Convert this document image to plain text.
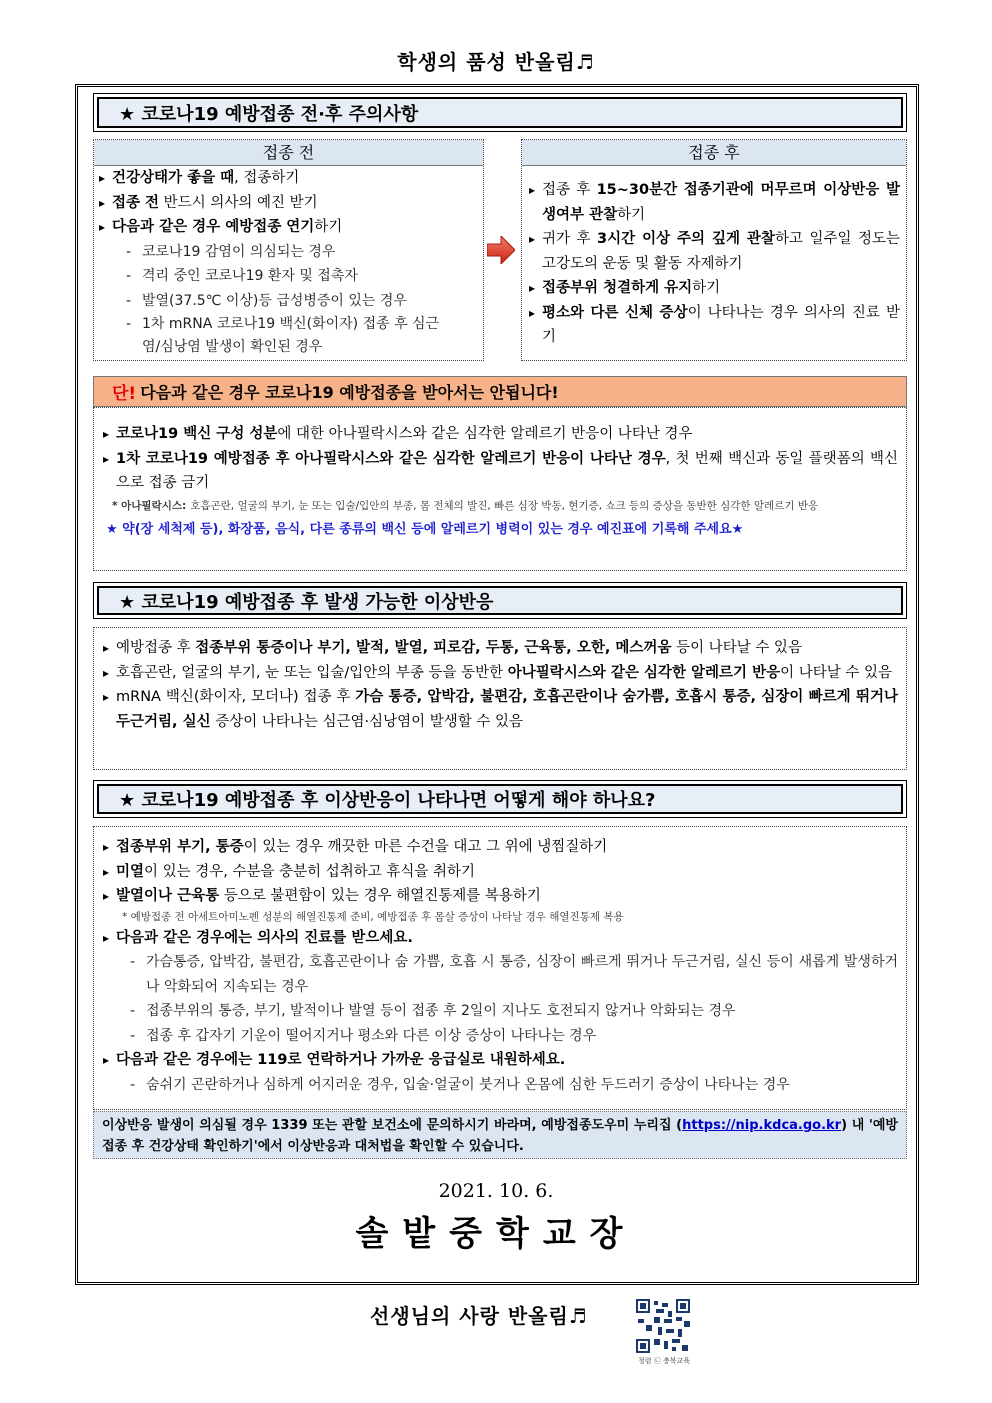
학생의 품성 반올림♬
★ 코로나19 예방접종 전·후 주의사항
접종 전
▸ 건강상태가 좋을 때, 접종하기
▸ 접종 전 반드시 의사의 예진 받기
▸ 다음과 같은 경우 예방접종 연기하기
- 코로나19 감염이 의심되는 경우
- 격리 중인 코로나19 환자 및 접촉자
- 발열(37.5℃ 이상)등 급성병증이 있는 경우
- 1차 mRNA 코로나19 백신(화이자) 접종 후 심근염/심낭염 발생이 확인된 경우
접종 후
▸ 접종 후 15~30분간 접종기관에 머무르며 이상반응 발생여부 관찰하기
▸ 귀가 후 3시간 이상 주의 깊게 관찰하고 일주일 정도는 고강도의 운동 및 활동 자제하기
▸ 접종부위 청결하게 유지하기
▸ 평소와 다른 신체 증상이 나타나는 경우 의사의 진료 받기
단! 다음과 같은 경우 코로나19 예방접종을 받아서는 안됩니다!
▸ 코로나19 백신 구성 성분에 대한 아나필락시스와 같은 심각한 알레르기 반응이 나타난 경우
▸ 1차 코로나19 예방접종 후 아나필락시스와 같은 심각한 알레르기 반응이 나타난 경우, 첫 번째 백신과 동일 플랫폼의 백신으로 접종 금기
* 아나필락시스: 호흡곤란, 얼굴의 부기, 눈 또는 입술/입안의 부종, 몸 전체의 발진, 빠른 심장 박동, 현기증, 쇼크 등의 증상을 동반한 심각한 알레르기 반응
★ 약(장 세척제 등), 화장품, 음식, 다른 종류의 백신 등에 알레르기 병력이 있는 경우 예진표에 기록해 주세요★
★ 코로나19 예방접종 후 발생 가능한 이상반응
▸ 예방접종 후 접종부위 통증이나 부기, 발적, 발열, 피로감, 두통, 근육통, 오한, 메스꺼움 등이 나타날 수 있음
▸ 호흡곤란, 얼굴의 부기, 눈 또는 입술/입안의 부종 등을 동반한 아나필락시스와 같은 심각한 알레르기 반응이 나타날 수 있음
▸ mRNA 백신(화이자, 모더나) 접종 후 가슴 통증, 압박감, 불편감, 호흡곤란이나 숨가쁨, 호흡시 통증, 심장이 빠르게 뛰거나 두근거림, 실신 증상이 나타나는 심근염·심낭염이 발생할 수 있음
★ 코로나19 예방접종 후 이상반응이 나타나면 어떻게 해야 하나요?
▸ 접종부위 부기, 통증이 있는 경우 깨끗한 마른 수건을 대고 그 위에 냉찜질하기
▸ 미열이 있는 경우, 수분을 충분히 섭취하고 휴식을 취하기
▸ 발열이나 근육통 등으로 불편함이 있는 경우 해열진통제를 복용하기
* 예방접종 전 아세트아미노펜 성분의 해열진통제 준비, 예방접종 후 몸살 증상이 나타날 경우 해열진통제 복용
▸ 다음과 같은 경우에는 의사의 진료를 받으세요.
- 가슴통증, 압박감, 불편감, 호흡곤란이나 숨 가쁨, 호흡 시 통증, 심장이 빠르게 뛰거나 두근거림, 실신 등이 새롭게 발생하거나 악화되어 지속되는 경우
- 접종부위의 통증, 부기, 발적이나 발열 등이 접종 후 2일이 지나도 호전되지 않거나 악화되는 경우
- 접종 후 갑자기 기운이 떨어지거나 평소와 다른 이상 증상이 나타나는 경우
▸ 다음과 같은 경우에는 119로 연락하거나 가까운 응급실로 내원하세요.
- 숨쉬기 곤란하거나 심하게 어지러운 경우, 입술·얼굴이 붓거나 온몸에 심한 두드러기 증상이 나타나는 경우
이상반응 발생이 의심될 경우 1339 또는 관할 보건소에 문의하시기 바라며, 예방접종도우미 누리집 (https://nip.kdca.go.kr) 내 '예방접종 후 건강상태 확인하기'에서 이상반응과 대처법을 확인할 수 있습니다.
2021. 10. 6.
솔밭중학교장
선생님의 사랑 반올림♬
청렴 ㉡ 충북교육
